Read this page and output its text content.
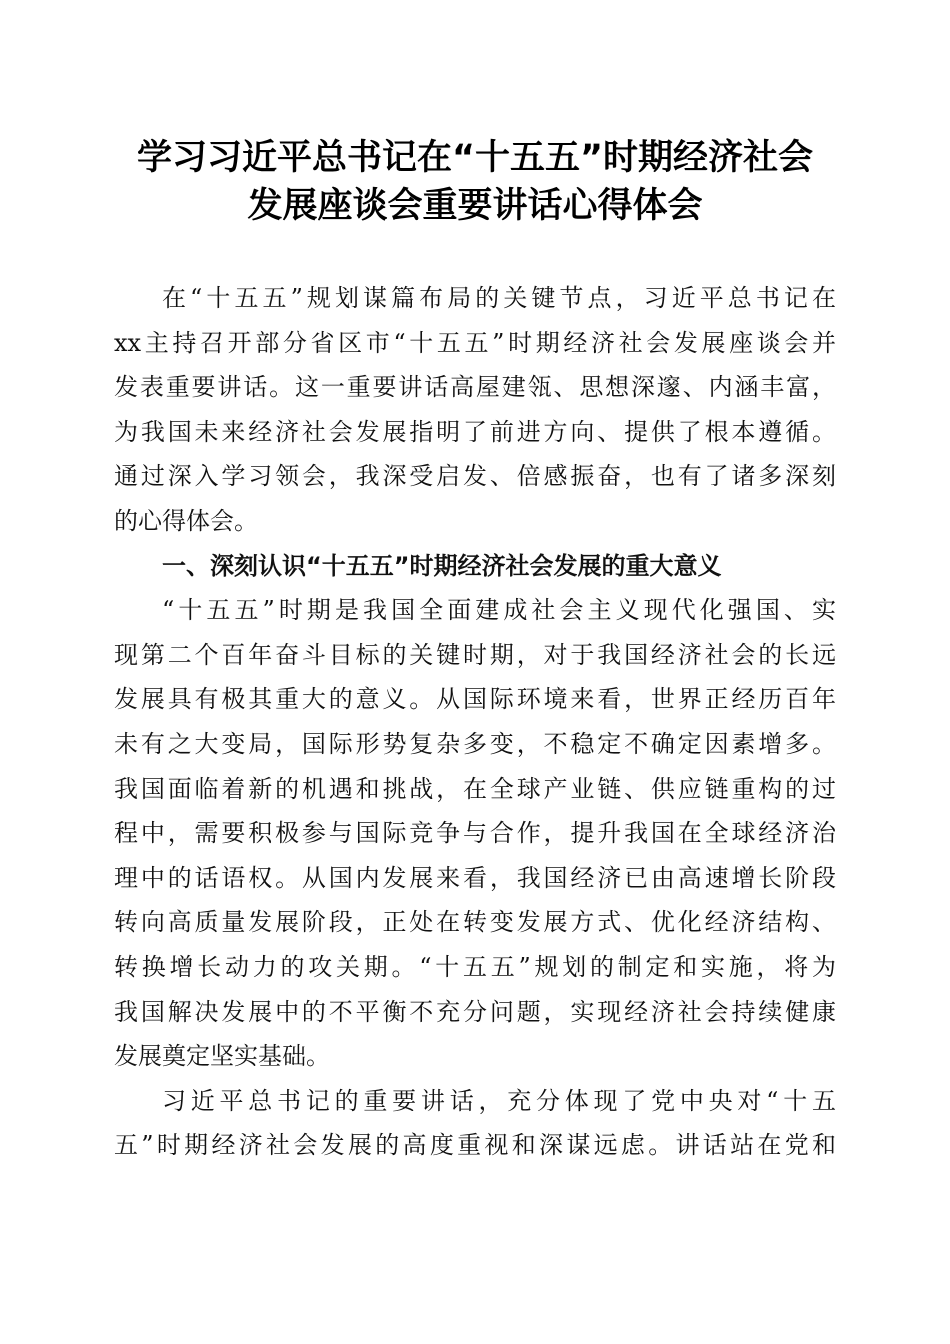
学习习近平总书记在“十五五”时期经济社会
发展座谈会重要讲话心得体会
在“十五五”规划谋篇布局的关键节点，习近平总书记在
xx主持召开部分省区市“十五五”时期经济社会发展座谈会并
发表重要讲话。这一重要讲话高屋建瓴、思想深邃、内涵丰富，
为我国未来经济社会发展指明了前进方向、提供了根本遵循。
通过深入学习领会，我深受启发、倍感振奋，也有了诸多深刻
的心得体会。
一、深刻认识“十五五”时期经济社会发展的重大意义
“十五五”时期是我国全面建成社会主义现代化强国、实
现第二个百年奋斗目标的关键时期，对于我国经济社会的长远
发展具有极其重大的意义。从国际环境来看，世界正经历百年
未有之大变局，国际形势复杂多变，不稳定不确定因素增多。
我国面临着新的机遇和挑战，在全球产业链、供应链重构的过
程中，需要积极参与国际竞争与合作，提升我国在全球经济治
理中的话语权。从国内发展来看，我国经济已由高速增长阶段
转向高质量发展阶段，正处在转变发展方式、优化经济结构、
转换增长动力的攻关期。“十五五”规划的制定和实施，将为
我国解决发展中的不平衡不充分问题，实现经济社会持续健康
发展奠定坚实基础。
习近平总书记的重要讲话，充分体现了党中央对“十五
五”时期经济社会发展的高度重视和深谋远虑。讲话站在党和
